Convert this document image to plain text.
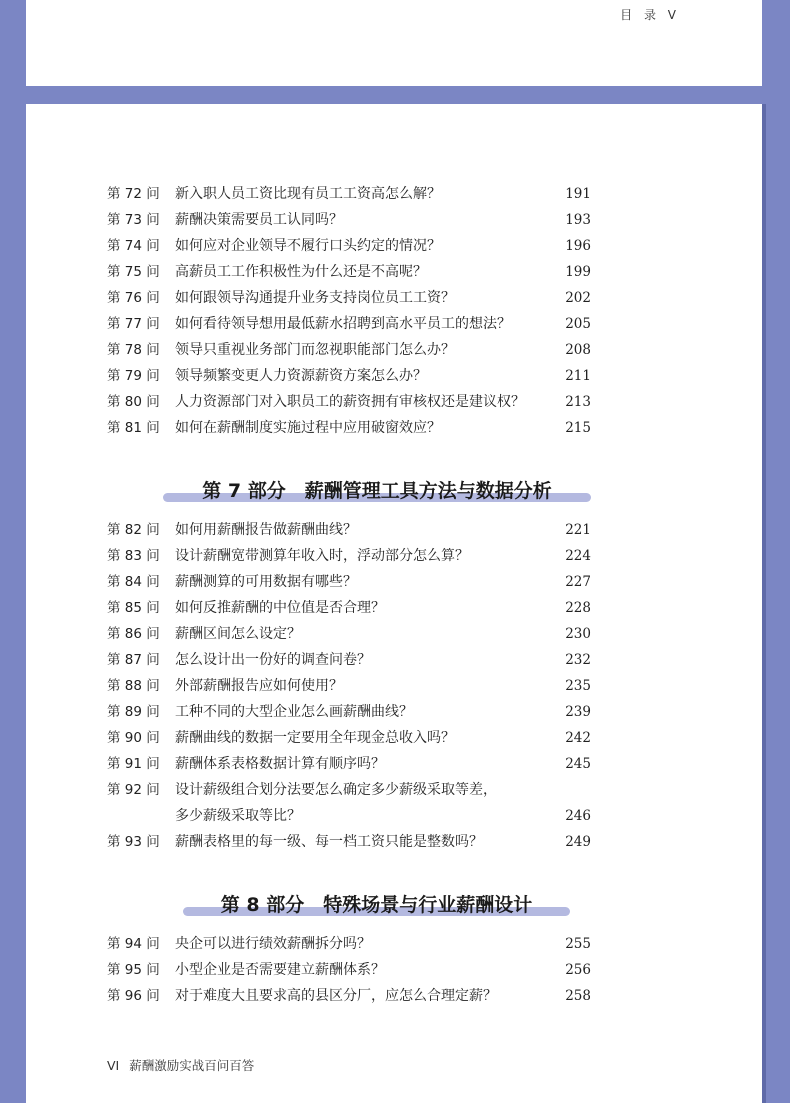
目 录 V
第 72 问 新入职人员工资比现有员工工资高怎么解？	191
第 73 问 薪酬决策需要员工认同吗？	193
第 74 问 如何应对企业领导不履行口头约定的情况？	196
第 75 问 高薪员工工作积极性为什么还是不高呢？	199
第 76 问 如何跟领导沟通提升业务支持岗位员工工资？	202
第 77 问 如何看待领导想用最低薪水招聘到高水平员工的想法？	205
第 78 问 领导只重视业务部门而忽视职能部门怎么办？	208
第 79 问 领导频繁变更人力资源薪资方案怎么办？	211
第 80 问 人力资源部门对入职员工的薪资拥有审核权还是建议权？	213
第 81 问 如何在薪酬制度实施过程中应用破窗效应？	215
第 82 问 如何用薪酬报告做薪酬曲线？	221
第 83 问 设计薪酬宽带测算年收入时，浮动部分怎么算？	224
第 84 问 薪酬测算的可用数据有哪些？	227
第 85 问 如何反推薪酬的中位值是否合理？	228
第 86 问 薪酬区间怎么设定？	230
第 87 问 怎么设计出一份好的调查问卷？	232
第 88 问 外部薪酬报告应如何使用？	235
第 89 问 工种不同的大型企业怎么画薪酬曲线？	239
第 90 问 薪酬曲线的数据一定要用全年现金总收入吗？	242
第 91 问 薪酬体系表格数据计算有顺序吗？	245
第 92 问 设计薪级组合划分法要怎么确定多少薪级采取等差，
多少薪级采取等比？	246
第 93 问 薪酬表格里的每一级、每一档工资只能是整数吗？	249
第 94 问 央企可以进行绩效薪酬拆分吗？	255
第 95 问 小型企业是否需要建立薪酬体系？	256
第 96 问 对于难度大且要求高的县区分厂，应怎么合理定薪？	258
第 7 部分　薪酬管理工具方法与数据分析
第 8 部分　特殊场景与行业薪酬设计
VI 薪酬激励实战百问百答
